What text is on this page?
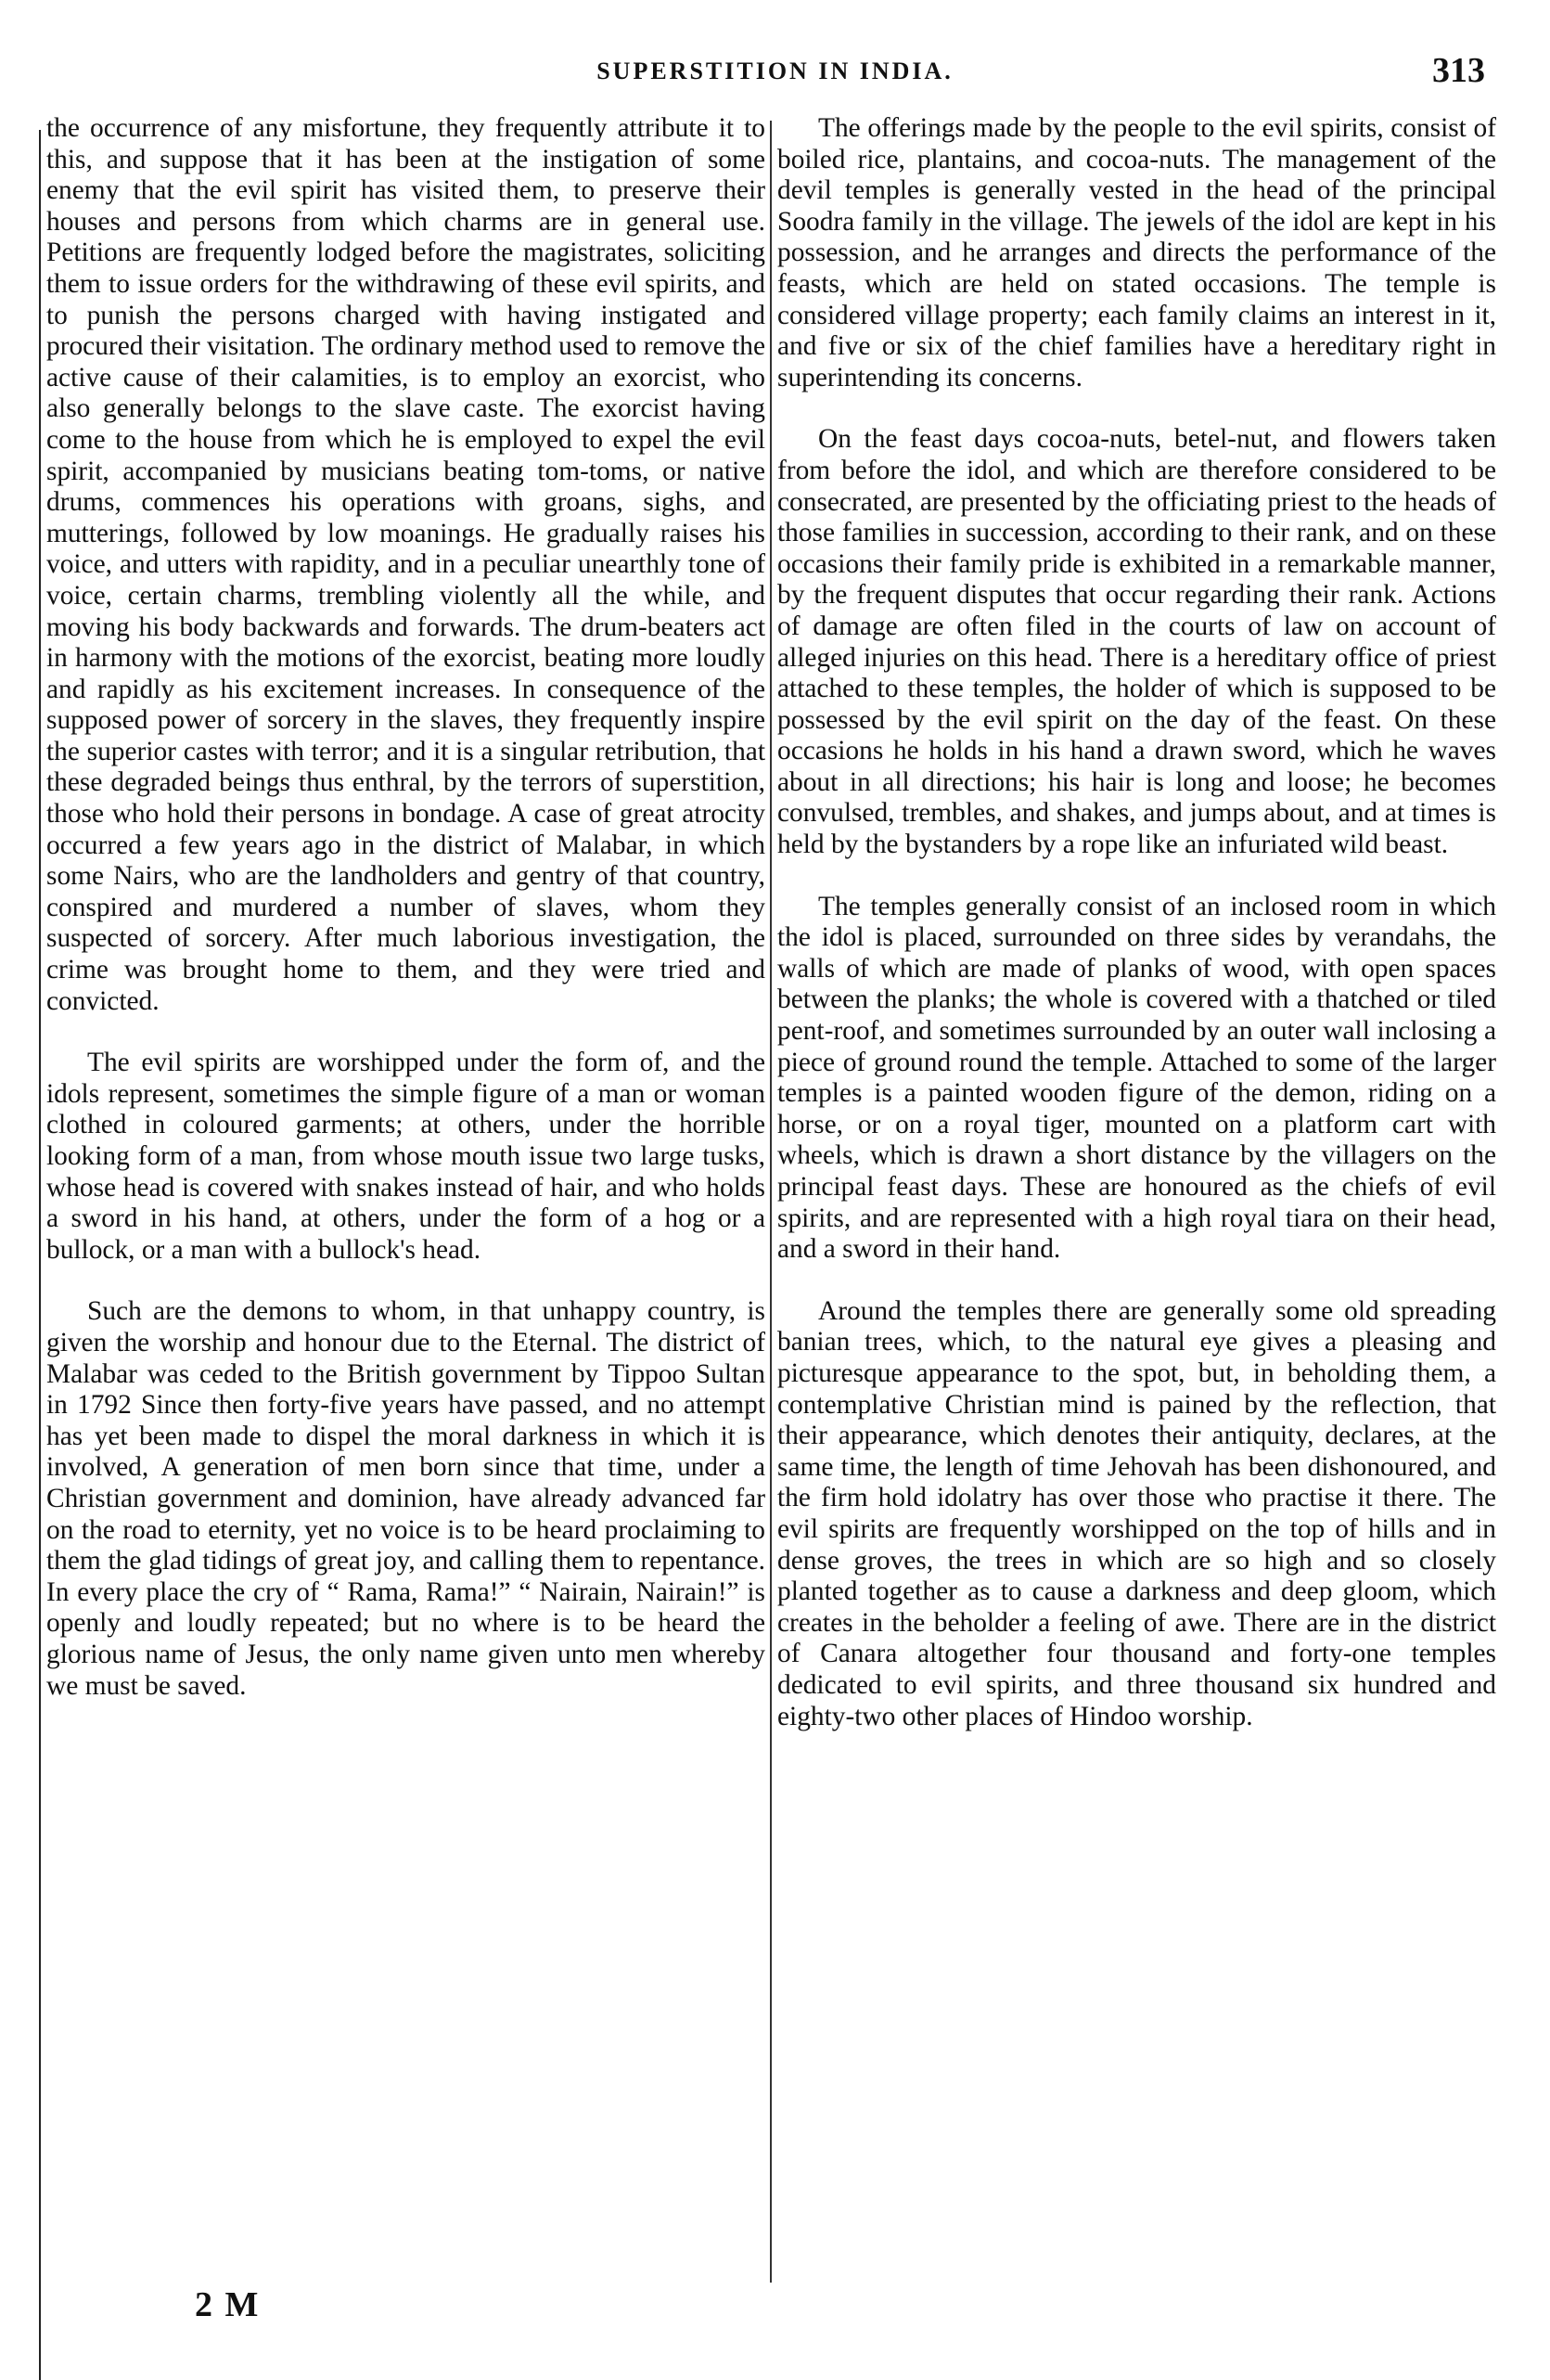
SUPERSTITION IN INDIA.	313

the occurrence of any misfortune, they frequently attribute it to this, and suppose that it has been at the instigation of some enemy that the evil spirit has visited them, to preserve their houses and persons from which charms are in general use. Petitions are frequently lodged before the magistrates, soliciting them to issue orders for the withdrawing of these evil spirits, and to punish the persons charged with having instigated and procured their visitation. The ordinary method used to remove the active cause of their calamities, is to employ an exorcist, who also generally belongs to the slave caste. The exorcist having come to the house from which he is employed to expel the evil spirit, accompanied by musicians beating tom-toms, or native drums, commences his operations with groans, sighs, and mutterings, followed by low moanings. He gradually raises his voice, and utters with rapidity, and in a peculiar unearthly tone of voice, certain charms, trembling violently all the while, and moving his body backwards and forwards. The drum-beaters act in harmony with the motions of the exorcist, beating more loudly and rapidly as his excitement increases. In consequence of the supposed power of sorcery in the slaves, they frequently inspire the superior castes with terror; and it is a singular retribution, that these degraded beings thus enthral, by the terrors of superstition, those who hold their persons in bondage. A case of great atrocity occurred a few years ago in the district of Malabar, in which some Nairs, who are the landholders and gentry of that country, conspired and murdered a number of slaves, whom they suspected of sorcery. After much laborious investigation, the crime was brought home to them, and they were tried and convicted.

The evil spirits are worshipped under the form of, and the idols represent, sometimes the simple figure of a man or woman clothed in coloured garments; at others, under the horrible looking form of a man, from whose mouth issue two large tusks, whose head is covered with snakes instead of hair, and who holds a sword in his hand, at others, under the form of a hog or a bullock, or a man with a bullock's head.

Such are the demons to whom, in that unhappy country, is given the worship and honour due to the Eternal. The district of Malabar was ceded to the British government by Tippoo Sultan in 1792 Since then forty-five years have passed, and no attempt has yet been made to dispel the moral darkness in which it is involved, A generation of men born since that time, under a Christian government and dominion, have already advanced far on the road to eternity, yet no voice is to be heard proclaiming to them the glad tidings of great joy, and calling them to repentance. In every place the cry of “ Rama, Rama!” “ Nairain, Nairain!” is openly and loudly repeated; but no where is to be heard the glorious name of Jesus, the only name given unto men whereby we must be saved.

The offerings made by the people to the evil spirits, consist of boiled rice, plantains, and cocoa-nuts. The management of the devil temples is generally vested in the head of the principal Soodra family in the village. The jewels of the idol are kept in his possession, and he arranges and directs the performance of the feasts, which are held on stated occasions. The temple is considered village property; each family claims an interest in it, and five or six of the chief families have a hereditary right in superintending its concerns.

On the feast days cocoa-nuts, betel-nut, and flowers taken from before the idol, and which are therefore considered to be consecrated, are presented by the officiating priest to the heads of those families in succession, according to their rank, and on these occasions their family pride is exhibited in a remarkable manner, by the frequent disputes that occur regarding their rank. Actions of damage are often filed in the courts of law on account of alleged injuries on this head. There is a hereditary office of priest attached to these temples, the holder of which is supposed to be possessed by the evil spirit on the day of the feast. On these occasions he holds in his hand a drawn sword, which he waves about in all directions; his hair is long and loose; he becomes convulsed, trembles, and shakes, and jumps about, and at times is held by the bystanders by a rope like an infuriated wild beast.

The temples generally consist of an inclosed room in which the idol is placed, surrounded on three sides by verandahs, the walls of which are made of planks of wood, with open spaces between the planks; the whole is covered with a thatched or tiled pent-roof, and sometimes surrounded by an outer wall inclosing a piece of ground round the temple. Attached to some of the larger temples is a painted wooden figure of the demon, riding on a horse, or on a royal tiger, mounted on a platform cart with wheels, which is drawn a short distance by the villagers on the principal feast days. These are honoured as the chiefs of evil spirits, and are represented with a high royal tiara on their head, and a sword in their hand.

Around the temples there are generally some old spreading banian trees, which, to the natural eye gives a pleasing and picturesque appearance to the spot, but, in beholding them, a contemplative Christian mind is pained by the reflection, that their appearance, which denotes their antiquity, declares, at the same time, the length of time Jehovah has been dishonoured, and the firm hold idolatry has over those who practise it there. The evil spirits are frequently worshipped on the top of hills and in dense groves, the trees in which are so high and so closely planted together as to cause a darkness and deep gloom, which creates in the beholder a feeling of awe. There are in the district of Canara altogether four thousand and forty-one temples dedicated to evil spirits, and three thousand six hundred and eighty-two other places of Hindoo worship.

2 M
